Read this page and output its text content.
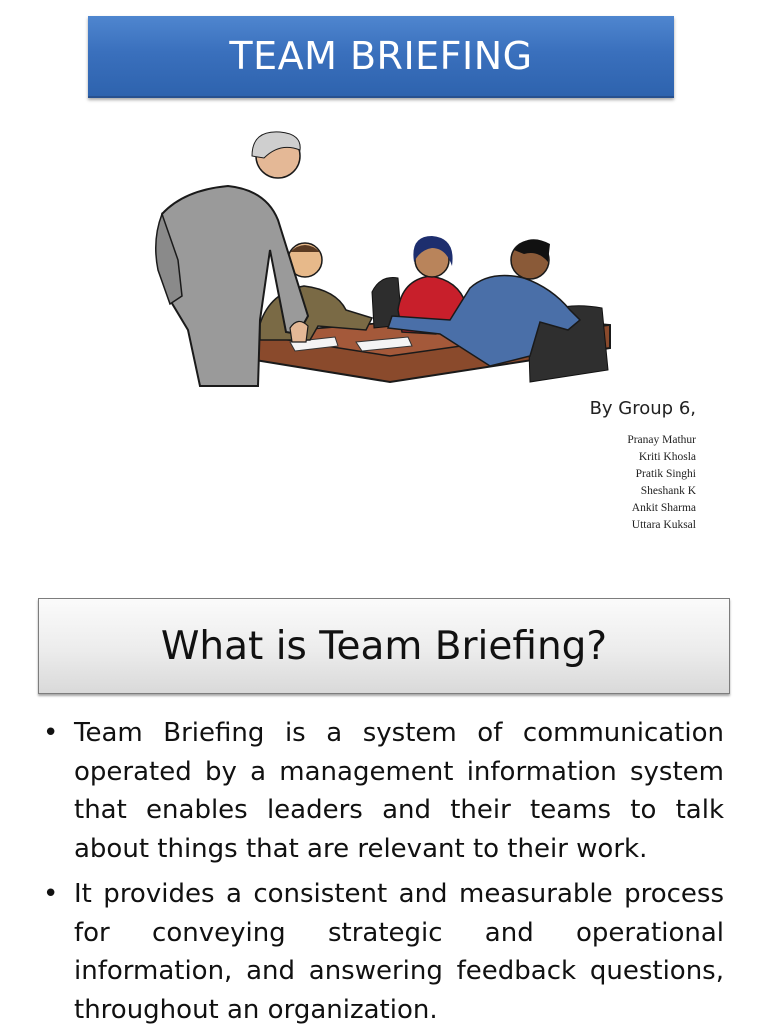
TEAM BRIEFING
By Group 6,
Pranay Mathur
Kriti Khosla
Pratik Singhi
Sheshank K
Ankit Sharma
Uttara Kuksal
What is Team Briefing?
• Team Briefing is a system of communication operated by a management information system that enables leaders and their teams to talk about things that are relevant to their work.
• It provides a consistent and measurable process for conveying strategic and operational information, and answering feedback questions, throughout an organization.
